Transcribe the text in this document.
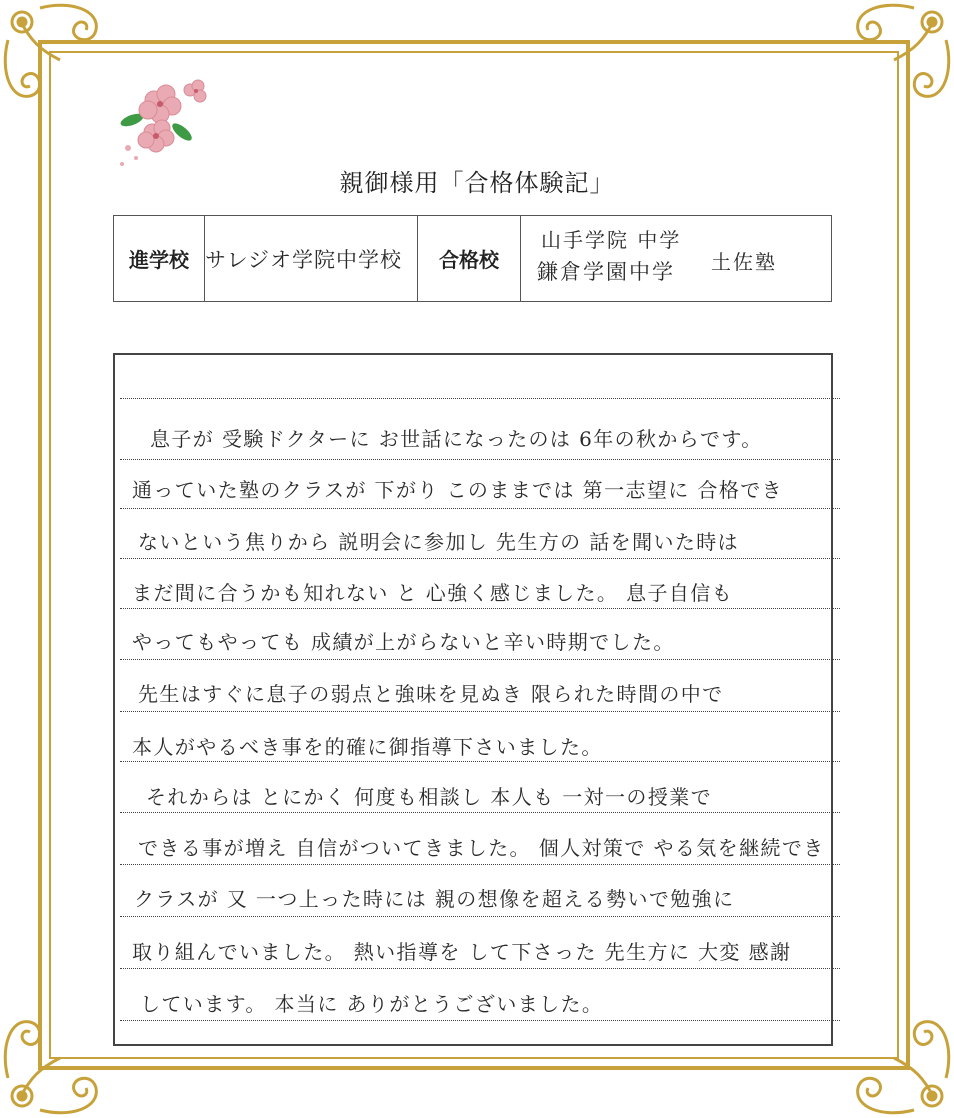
親御様用「合格体験記」
進学校	サレジオ学院中学校	合格校	
山手学院 中学
鎌倉学園中学 土佐塾
息子が 受験ドクターに お世話になったのは 6年の秋からです。
通っていた塾のクラスが 下がり このままでは 第一志望に 合格でき
ないという焦りから 説明会に参加し 先生方の 話を聞いた時は
まだ間に合うかも知れない と 心強く感じました。 息子自信も
やってもやっても 成績が上がらないと辛い時期でした。
先生はすぐに息子の弱点と強味を見ぬき 限られた時間の中で
本人がやるべき事を的確に御指導下さいました。
それからは とにかく 何度も相談し 本人も 一対一の授業で
できる事が増え 自信がついてきました。 個人対策で やる気を継続でき
クラスが 又 一つ上った時には 親の想像を超える勢いで勉強に
取り組んでいました。 熱い指導を して下さった 先生方に 大変 感謝
しています。 本当に ありがとうございました。
